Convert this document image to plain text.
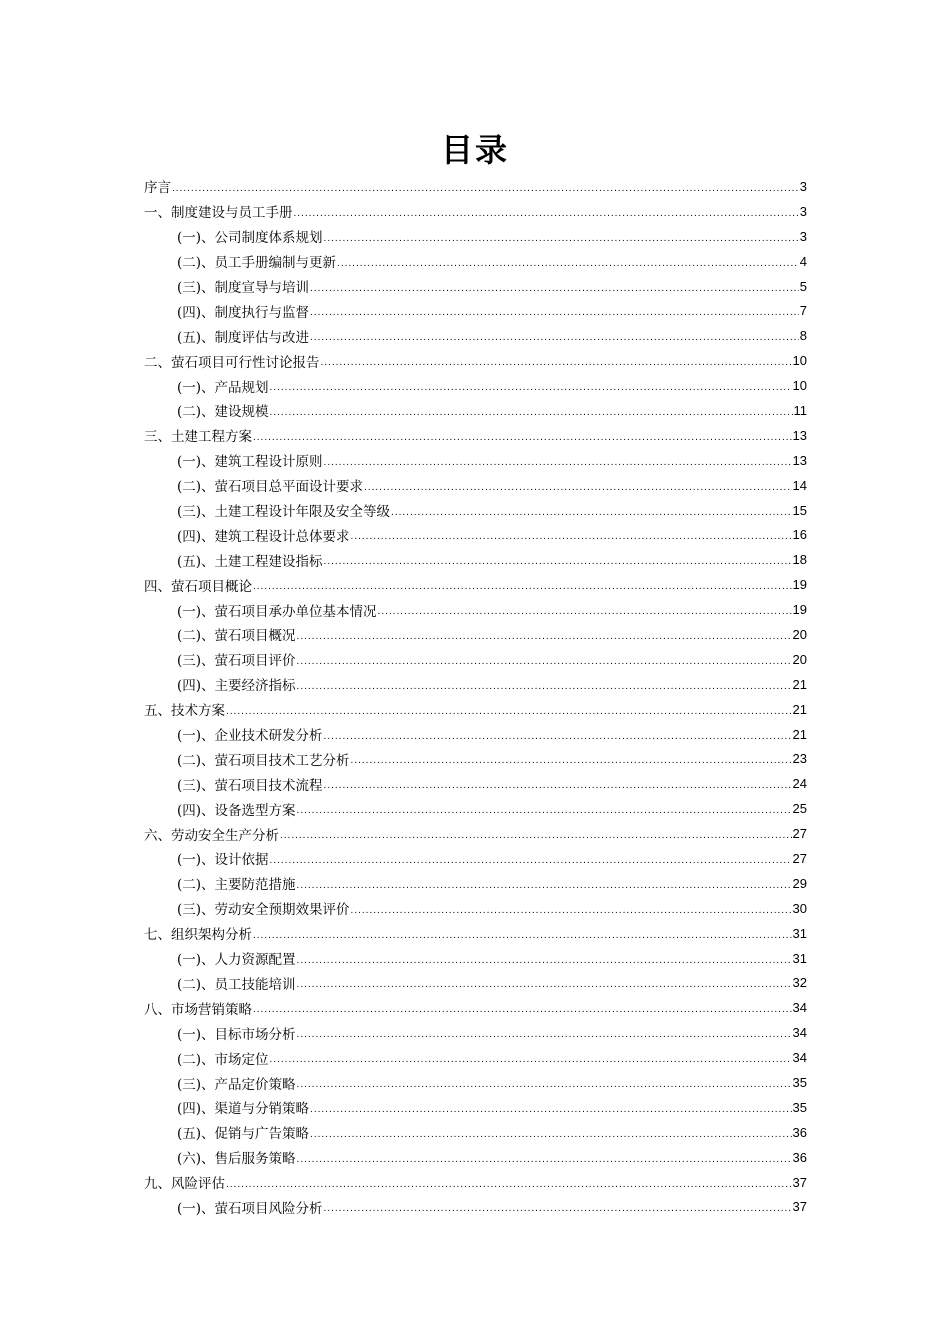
目录
序言 .....	3
一、制度建设与员工手册 .....	3
(一)、公司制度体系规划 .....	3
(二)、员工手册编制与更新 .....	4
(三)、制度宣导与培训 .....	5
(四)、制度执行与监督 .....	7
(五)、制度评估与改进 .....	8
二、萤石项目可行性讨论报告 .....	10
(一)、产品规划 .....	10
(二)、建设规模 .....	11
三、土建工程方案 .....	13
(一)、建筑工程设计原则 .....	13
(二)、萤石项目总平面设计要求 .....	14
(三)、土建工程设计年限及安全等级 .....	15
(四)、建筑工程设计总体要求 .....	16
(五)、土建工程建设指标 .....	18
四、萤石项目概论 .....	19
(一)、萤石项目承办单位基本情况 .....	19
(二)、萤石项目概况 .....	20
(三)、萤石项目评价 .....	20
(四)、主要经济指标 .....	21
五、技术方案 .....	21
(一)、企业技术研发分析 .....	21
(二)、萤石项目技术工艺分析 .....	23
(三)、萤石项目技术流程 .....	24
(四)、设备选型方案 .....	25
六、劳动安全生产分析 .....	27
(一)、设计依据 .....	27
(二)、主要防范措施 .....	29
(三)、劳动安全预期效果评价 .....	30
七、组织架构分析 .....	31
(一)、人力资源配置 .....	31
(二)、员工技能培训 .....	32
八、市场营销策略 .....	34
(一)、目标市场分析 .....	34
(二)、市场定位 .....	34
(三)、产品定价策略 .....	35
(四)、渠道与分销策略 .....	35
(五)、促销与广告策略 .....	36
(六)、售后服务策略 .....	36
九、风险评估 .....	37
(一)、萤石项目风险分析 .....	37
